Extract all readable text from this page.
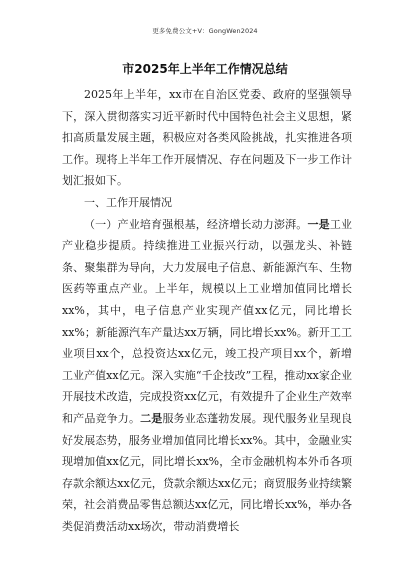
更多免费公文+V：GongWen2024
市2025年上半年工作情况总结

2025年上半年，xx市在自治区党委、政府的坚强领导下，深入贯彻落实习近平新时代中国特色社会主义思想，紧扣高质量发展主题，积极应对各类风险挑战，扎实推进各项工作。现将上半年工作开展情况、存在问题及下一步工作计划汇报如下。

一、工作开展情况

（一）产业培育强根基，经济增长动力澎湃。一是工业产业稳步提质。持续推进工业振兴行动，以强龙头、补链条、聚集群为导向，大力发展电子信息、新能源汽车、生物医药等重点产业。上半年，规模以上工业增加值同比增长xx%，其中，电子信息产业实现产值xx亿元，同比增长xx%；新能源汽车产量达xx万辆，同比增长xx%。新开工工业项目xx个，总投资达xx亿元，竣工投产项目xx个，新增工业产值xx亿元。深入实施“千企技改”工程，推动xx家企业开展技术改造，完成投资xx亿元，有效提升了企业生产效率和产品竞争力。二是服务业态蓬勃发展。现代服务业呈现良好发展态势，服务业增加值同比增长xx%。其中，金融业实现增加值xx亿元，同比增长xx%，全市金融机构本外币各项存款余额达xx亿元，贷款余额达xx亿元；商贸服务业持续繁荣，社会消费品零售总额达xx亿元，同比增长xx%，举办各类促消费活动xx场次，带动消费增长
